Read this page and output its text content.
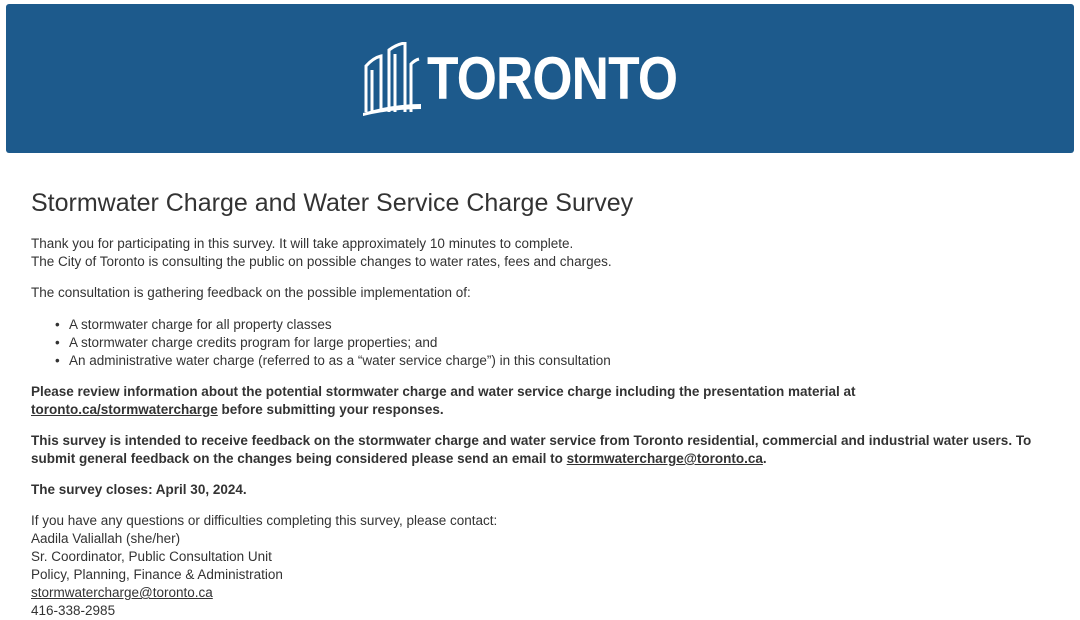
TORONTO
Stormwater Charge and Water Service Charge Survey

Thank you for participating in this survey. It will take approximately 10 minutes to complete.
The City of Toronto is consulting the public on possible changes to water rates, fees and charges.

The consultation is gathering feedback on the possible implementation of:

• A stormwater charge for all property classes
• A stormwater charge credits program for large properties; and
• An administrative water charge (referred to as a “water service charge”) in this consultation

Please review information about the potential stormwater charge and water service charge including the presentation material at
toronto.ca/stormwatercharge before submitting your responses.

This survey is intended to receive feedback on the stormwater charge and water service from Toronto residential, commercial and industrial water users. To submit general feedback on the changes being considered please send an email to stormwatercharge@toronto.ca.

The survey closes: April 30, 2024.

If you have any questions or difficulties completing this survey, please contact:
Aadila Valiallah (she/her)
Sr. Coordinator, Public Consultation Unit
Policy, Planning, Finance & Administration
stormwatercharge@toronto.ca
416-338-2985
